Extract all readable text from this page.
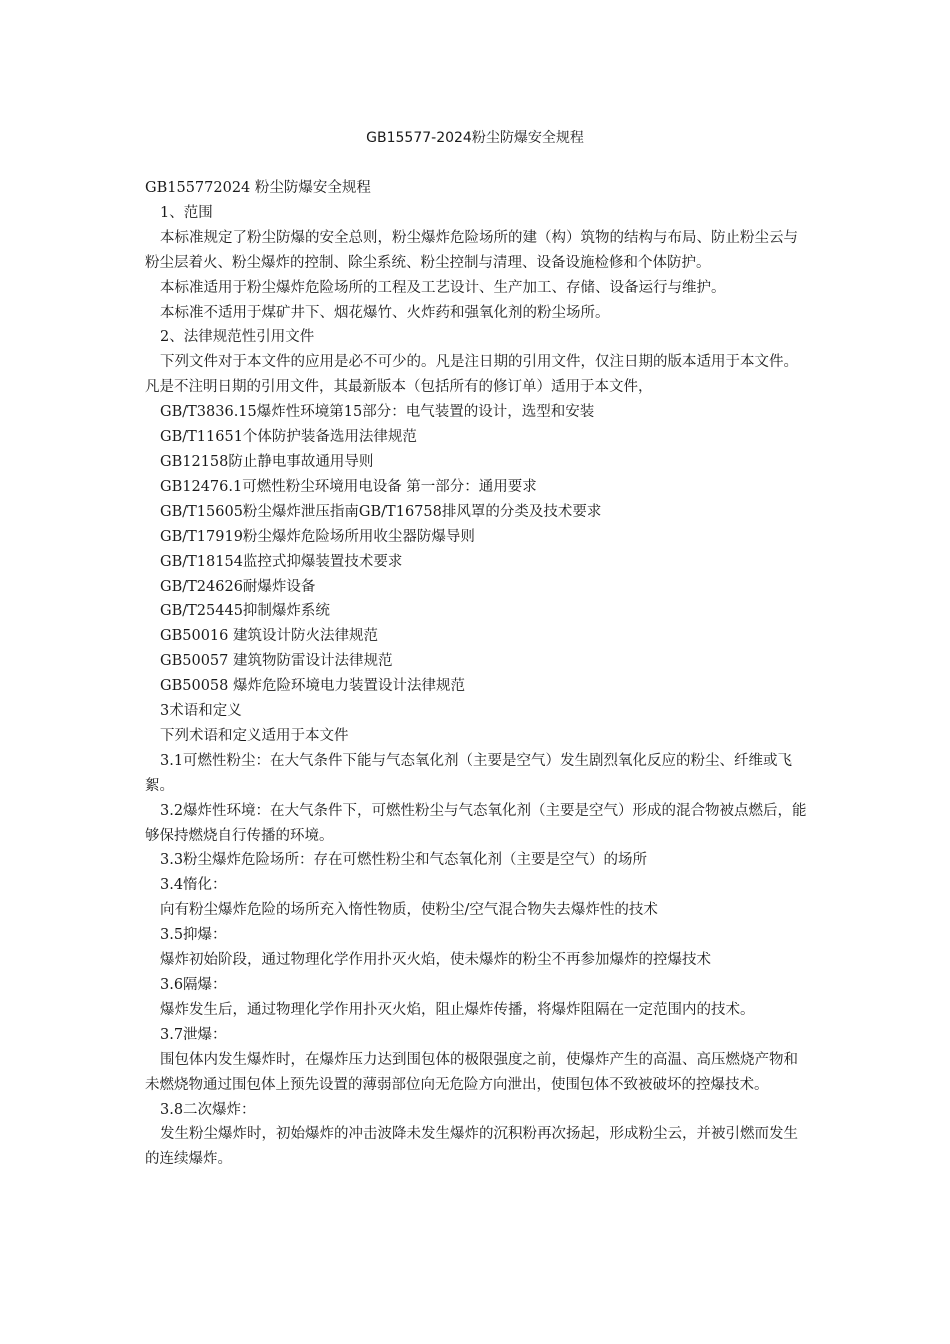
GB15577-2024粉尘防爆安全规程

GB155772024 粉尘防爆安全规程

1、范围

本标准规定了粉尘防爆的安全总则，粉尘爆炸危险场所的建（构）筑物的结构与布局、防止粉尘云与粉尘层着火、粉尘爆炸的控制、除尘系统、粉尘控制与清理、设备设施检修和个体防护。

本标准适用于粉尘爆炸危险场所的工程及工艺设计、生产加工、存储、设备运行与维护。

本标准不适用于煤矿井下、烟花爆竹、火炸药和强氧化剂的粉尘场所。

2、法律规范性引用文件

下列文件对于本文件的应用是必不可少的。凡是注日期的引用文件，仅注日期的版本适用于本文件。凡是不注明日期的引用文件，其最新版本（包括所有的修订单）适用于本文件，

GB/T3836.15爆炸性环境第15部分：电气装置的设计，选型和安装

GB/T11651个体防护装备选用法律规范

GB12158防止静电事故通用导则

GB12476.1可燃性粉尘环境用电设备 第一部分：通用要求

GB/T15605粉尘爆炸泄压指南GB/T16758排风罩的分类及技术要求

GB/T17919粉尘爆炸危险场所用收尘器防爆导则

GB/T18154监控式抑爆装置技术要求

GB/T24626耐爆炸设备

GB/T25445抑制爆炸系统

GB50016 建筑设计防火法律规范

GB50057 建筑物防雷设计法律规范

GB50058 爆炸危险环境电力装置设计法律规范

3术语和定义

下列术语和定义适用于本文件

3.1可燃性粉尘：在大气条件下能与气态氧化剂（主要是空气）发生剧烈氧化反应的粉尘、纤维或飞絮。

3.2爆炸性环境：在大气条件下，可燃性粉尘与气态氧化剂（主要是空气）形成的混合物被点燃后，能够保持燃烧自行传播的环境。

3.3粉尘爆炸危险场所：存在可燃性粉尘和气态氧化剂（主要是空气）的场所

3.4惰化：

向有粉尘爆炸危险的场所充入惰性物质，使粉尘/空气混合物失去爆炸性的技术

3.5抑爆：

爆炸初始阶段，通过物理化学作用扑灭火焰，使未爆炸的粉尘不再参加爆炸的控爆技术

3.6隔爆：

爆炸发生后，通过物理化学作用扑灭火焰，阻止爆炸传播，将爆炸阻隔在一定范围内的技术。

3.7泄爆：

围包体内发生爆炸时，在爆炸压力达到围包体的极限强度之前，使爆炸产生的高温、高压燃烧产物和未燃烧物通过围包体上预先设置的薄弱部位向无危险方向泄出，使围包体不致被破坏的控爆技术。

3.8二次爆炸：

发生粉尘爆炸时，初始爆炸的冲击波降未发生爆炸的沉积粉再次扬起，形成粉尘云，并被引燃而发生的连续爆炸。
